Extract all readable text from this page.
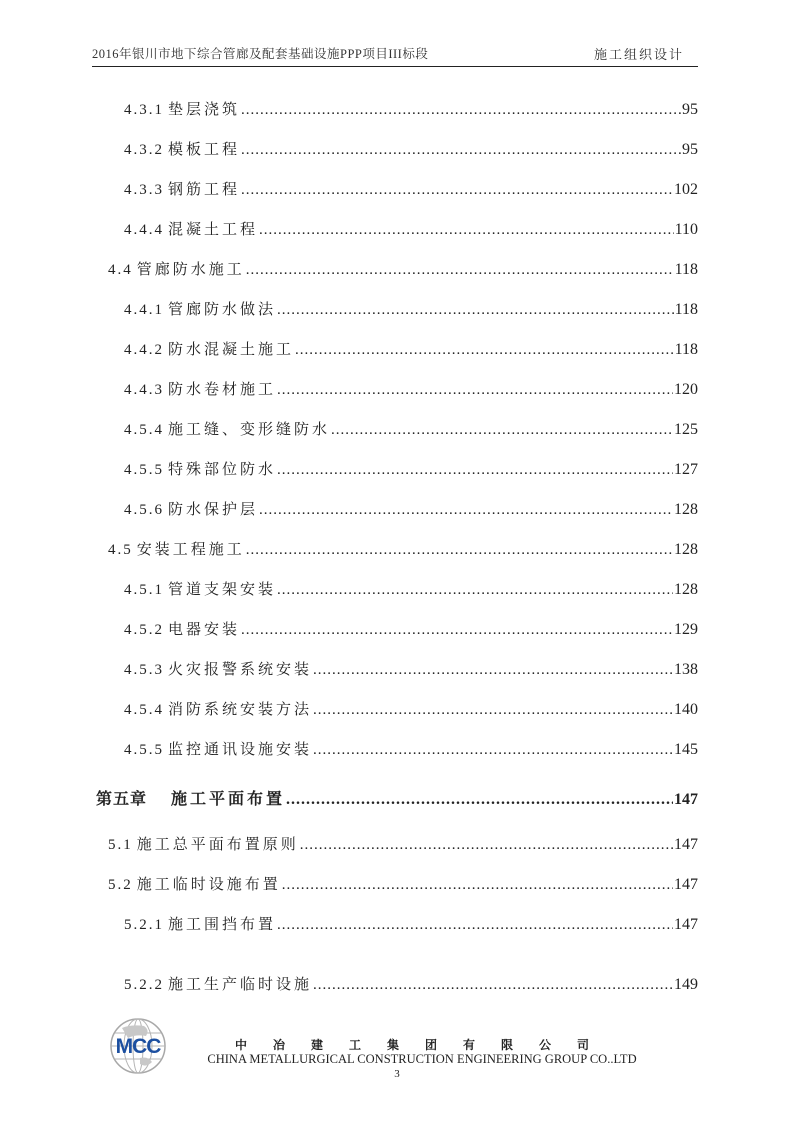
2016年银川市地下综合管廊及配套基础设施PPP项目III标段	施工组织设计
4.3.1 垫层浇筑 .....	95
4.3.2 模板工程 .....	95
4.3.3 钢筋工程 .....	102
4.4.4 混凝土工程 .....	110
4.4 管廊防水施工 .....	118
4.4.1 管廊防水做法 .....	118
4.4.2 防水混凝土施工 .....	118
4.4.3 防水卷材施工 .....	120
4.5.4 施工缝、变形缝防水 .....	125
4.5.5 特殊部位防水 .....	127
4.5.6 防水保护层 .....	128
4.5 安装工程施工 .....	128
4.5.1 管道支架安装 .....	128
4.5.2 电器安装 .....	129
4.5.3 火灾报警系统安装 .....	138
4.5.4 消防系统安装方法 .....	140
4.5.5 监控通讯设施安装 .....	145
第五章 施工平面布置 .....	147
5.1 施工总平面布置原则 .....	147
5.2 施工临时设施布置 .....	147
5.2.1 施工围挡布置 .....	147
5.2.2 施工生产临时设施 .....	149
MCC	中冶建工集团有限公司
CHINA METALLURGICAL CONSTRUCTION ENGINEERING GROUP CO..LTD
3
